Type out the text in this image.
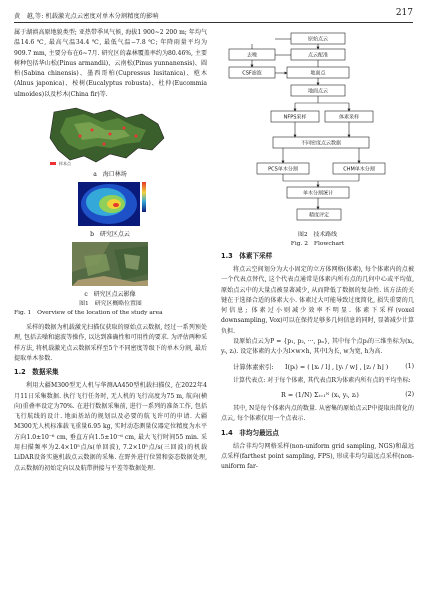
黄　越,等: 机载激光点云密度对单木分割精度的影响	217

属于湖滇高原地貌类型; 亚热带季风气候, 海拔1 900~2 200 m; 年均气温14.6 ℃, 最高气温34.4 ℃, 最低气温−7.8 ℃; 年降雨量平均为909.7 mm, 主要分布在6~7月. 研究区的森林覆盖率约为80.46%, 主要树种包括华山松(Pinus armandii)、云南松(Pinus yunnanensis)、圆柏(Sabina chinensis)、墨西哥柏(Cupressus lusitanica)、桤木(Alnus japonica)、桉树(Eucalyptus robusta)、杜仲(Eucommia ulmoides)以及杉木(China fir)等.

样本点
a　海口林场
b　研究区点云
c　研究区点云影像
图1　研究区概略位置图
Fig. 1　Overview of the location of the study area

采样的数据为机载激光扫描仪获取的原始点云数据, 经过一系列预处理, 包括去噪和滤波等操作, 以达到准确性和可用性的要求. 为评估两种采样方法, 将机载激光点云数据采样至5个不同密度等级下的单木分割, 最后提取单木参数.

1.2　数据采集

利用大疆M300型无人机与华测AA450型机载扫描仪, 在2022年4月11日采集数据. 执行飞行任务时, 无人机的飞行高度为75 m, 航向(横向)重叠率设定为70%. 在进行数据采集前, 进行一系列的准备工作, 包括飞行航线的设计. 地面基站的规划以及必要的航飞许可的申请. 大疆M300无人机标准载飞重量6.95 kg, 实时动态测量仪器定位精度为水平方向1.0±10⁻⁶ cm, 垂直方向1.5±10⁻⁶ cm, 最大飞行时间55 min. 采用扫描频率为2.4×10⁵点/s(单回波), 7.2×10⁵点/s(三回波)的机载LiDAR设备实施机载点云数据的采集. 在野外进行位置和姿态数据处理, 点云数据的初始定向以及航带拼接与平差等数据处理.

原始点云
去噪	点云配准
CSF滤波	地面点
地面点云
NFPS采样	体素采样
不同密度点云数据
PCS单木分割	CHM单木分割
单木分割统计
精度评定
图2　技术路线
Fig. 2　Flowchart
1.3　体素下采样

将点云空间划分为大小固定的立方体网格(体素), 每个体素内的点被一个代表点替代, 这个代表点通常是体素内所有点的几何中心或平均值, 原始点云中的大量点被显著减少, 从而降低了数据的复杂性. 该方法的关键在于选择合适的体素大小. 体素过大可能导致过度简化, 损失重要的几何信息; 体素过小则减少效率不明显. 体素下采样(voxel downsampling, Vox)可以在保持足够多几何信息的同时, 显著减少计算负担.

设原始点云为P = {p₁, p₂, ···, pₙ}, 其中每个点pᵢ的三维坐标为(xᵢ, yᵢ, zᵢ). 设定体素的大小为l×w×h, 其中l为长, w为宽, h为高.

计算体素索引: I(pᵢ) = ( ⌊xᵢ / l⌋ , ⌊yᵢ / w⌋ , ⌊zᵢ / h⌋ )	(1)

计算代表点: 对于每个体素, 其代表点R为体素内所有点的平均坐标:

R = (1/N) Σᵢ₌₁ᴺ (xᵢ, yᵢ, zᵢ)	(2)

其中, N是每个体素内点的数量. 从密集的原始点云P中提取出简化的点云, 每个体素仅用一个点表示.

1.4　非均匀最远点

结合非均匀网格采样(non-uniform grid sampling, NGS)和最远点采样(farthest point sampling, FPS), 形成非均匀最远点采样(non-uniform far-
